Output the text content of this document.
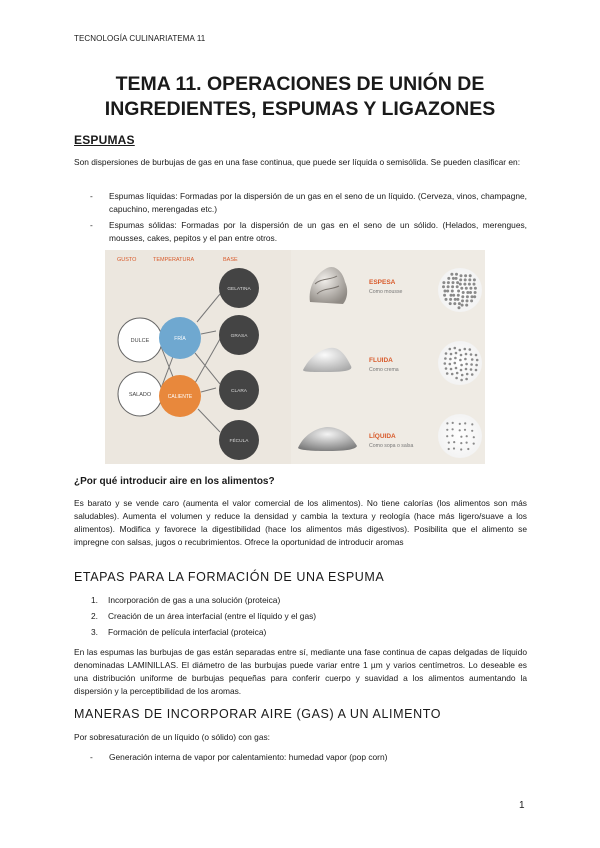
TECNOLOGÍA CULINARIATEMA 11
TEMA 11. OPERACIONES DE UNIÓN DE
INGREDIENTES, ESPUMAS Y LIGAZONES
ESPUMAS
Son dispersiones de burbujas de gas en una fase continua, que puede ser líquida o semisólida. Se pueden clasificar en:
- Espumas líquidas: Formadas por la dispersión de un gas en el seno de un líquido. (Cerveza, vinos, champagne, capuchino, merengadas etc.)
- Espumas sólidas: Formadas por la dispersión de un gas en el seno de un sólido. (Helados, merengues, mousses, cakes, pepitos y el pan entre otros.
GUSTO	TEMPERATURA	BASE
DULCE
SALADO
FRÍA
CALIENTE
GELATINA
GRASA
CLARA
FÉCULA
ESPESA
Como mousse
FLUIDA
Como crema
LÍQUIDA
Como sopa o salsa
¿Por qué introducir aire en los alimentos?
Es barato y se vende caro (aumenta el valor comercial de los alimentos). No tiene calorías (los alimentos son más saludables). Aumenta el volumen y reduce la densidad y cambia la textura y reología (hace más ligero/suave a los alimentos). Modifica y favorece la digestibilidad (hace los alimentos más digestivos). Posibilita que el alimento se impregne con salsas, jugos o recubrimientos. Ofrece la oportunidad de introducir aromas
ETAPAS PARA LA FORMACIÓN DE UNA ESPUMA
1. Incorporación de gas a una solución (proteica)
2. Creación de un área interfacial (entre el líquido y el gas)
3. Formación de película interfacial (proteica)
En las espumas las burbujas de gas están separadas entre sí, mediante una fase continua de capas delgadas de líquido denominadas LAMINILLAS. El diámetro de las burbujas puede variar entre 1 µm y varios centímetros. Lo deseable es una distribución uniforme de burbujas pequeñas para conferir cuerpo y suavidad a los alimentos aumentando la dispersión y la perceptibilidad de los aromas.
MANERAS DE INCORPORAR AIRE (GAS) A UN ALIMENTO
Por sobresaturación de un líquido (o sólido) con gas:
- Generación interna de vapor por calentamiento: humedad vapor (pop corn)
1
